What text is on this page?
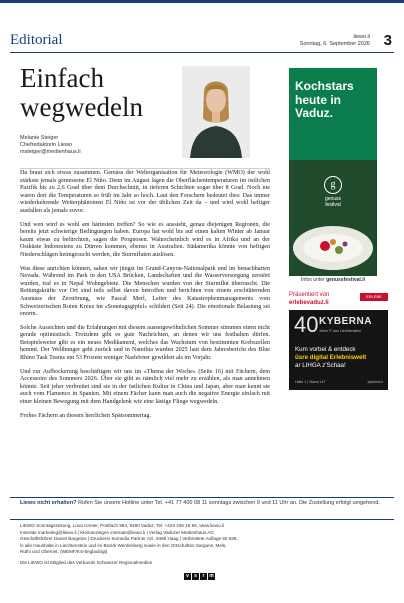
Editorial	liewo.li
Sonntag, 6. September 2026 3
Einfach
wegwedeln
Melanie Steiger
Chefredaktorin Liewo
msteiger@medienhaus.li

Da braut sich etwas zusammen. Gemäss der Weltorganisation für Meteorologie (WMO) der wohl stärkste jemals gemessene El Niño. Denn im August lagen die Oberflächentemperaturen im östlichen Pazifik bis zu 2,6 Grad über dem Durchschnitt, in tieferen Schichten sogar über 8 Grad. Noch nie waren dort die Temperaturen so früh im Jahr so hoch. Laut den Forschern bedeutet dies: Das immer wiederkehrende Wetterphänomen El Niño ist vor der üblichen Zeit da – und wird wohl heftiger ausfallen als jemals zuvor.

Und wen wird es wohl am härtesten treffen? So wie es aussieht, genau diejenigen Regionen, die bereits jetzt schwierige Bedingungen haben. Europa hat wohl bis auf einen kalten Winter ab Januar kaum etwas zu befürchten, sagen die Prognosen. Wahrscheinlich wird es in Afrika und an der Ostküste Indonesiens zu Dürren kommen, ebenso in Australien. Südamerika könnte von heftigen Niederschlägen heimgesucht werden, die Sturmfluten auslösen.

Was diese anrichten können, sahen wir jüngst im Grand-Canyon-Nationalpark und im benachbarten Nevada. Während im Park in den USA Brücken, Landschaften und die Wasserversorgung zerstört wurden, traf es in Nepal Wohngebiete. Die Menschen wurden von der Sturmflut überrascht. Die Rettungskräfte vor Ort sind teils selbst davon betroffen und berichten von einem erschütternden Ausmass der Zerstörung, wie Pascal Merl, Leiter des Katastrophenmanagements vom Schweizerischen Roten Kreuz im «Sonntagsgipfel» schildert (Seit 24). Die emotionale Belastung sei enorm.

Solche Aussichten und die Erfahrungen mit diesem aussergewöhnlichen Sommer stimmen einen nicht gerade optimistisch. Trotzdem gibt es gute Nachrichten, an denen wir uns festhalten dürfen. Beispielsweise gibt es ein neues Medikament, welches das Wachstum von bestimmten Krebszellen hemmt. Der Welthunger geht zurück und in Namibia wurden 2025 laut dem Jahresbericht des Blue Rhino Task Teams um 53 Prozent weniger Nashörner gewildert als im Vorjahr.

Und zur Aufbockerung beschäftigen wir uns im «Thema der Woche» (Seite 16) mit Fächern, dem Accessoire des Sommers 2026. Über sie gibt es nämlich viel mehr zu erzählen, als man annehmen könnte. Seit jeher verbreitet sind sie in der östlichen Kultur in China und Japan, aber man kennt sie auch vom Flamenco in Spanien. Mit einem Fächer kann man auch die negative Energie einfach mit einer kleinen Bewegung mit dem Handgelenk wie eine lästige Fliege wegwedeln.

Frohes Fächern an diesem herrlichen Spätsommertag.

Kochstars
heute in
Vaduz.
g
genuss
festival
Infos unter genussfestival.li
Präsentiert von
erlebevaduz.li
ERLEBE
40 KYBERNA
Jahre IT aus Liechtenstein
Kum vorbei & entdeck
üsre digital Erlebniswelt
ar LIHGA z'Schaa!
Halle 1 | Stand 147	kyberna.li
Liewo nicht erhalten? Rufen Sie unsere Hotline unter Tel. +41 77 400 08 11 sonntags zwischen 9 und 11 Uhr an. Die Zustellung erfolgt umgehend.
LIEWO Sonntagszeitung, Lova Center, Postfach 884, 9490 Vaduz, Tel. +423 236 16 96, www.liewo.li
Inserate marketing@liewo.li | Kleinanzeigen inserate@liewo.li | Verlag Vaduzer Medienhaus AG
Geschäftsführer Daniel Bargetze | Druckerei Somedia Partner AG, 9469 Haag | Verbreitete Auflage 50 636,
in alle Haushalte in Liechtenstein und im Bezirk Werdenberg sowie in den Ortschaften Sargans, Mels,
Rüthi und Oberriet. (WEMF/KS-beglaubigt)
Die LIEWO ist Mitglied des Verbands Schweizer Regionalmedien
v	s	r m
